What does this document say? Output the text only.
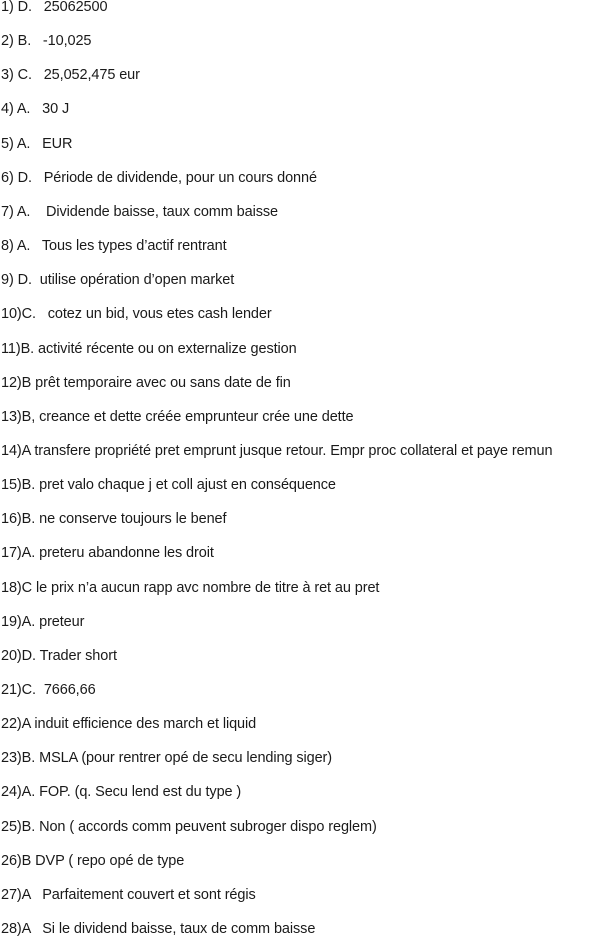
1) D.   25062500
2) B.   -10,025
3) C.   25,052,475 eur
4) A.   30 J
5) A.   EUR
6) D.   Période de dividende, pour un cours donné
7) A.    Dividende baisse, taux comm baisse
8) A.   Tous les types d’actif rentrant
9) D.  utilise opération d’open market
10)C.   cotez un bid, vous etes cash lender
11)B. activité récente ou on externalize gestion
12)B prêt temporaire avec ou sans date de fin
13)B, creance et dette créée emprunteur crée une dette
14)A transfere propriété pret emprunt jusque retour. Empr proc collateral et paye remun
15)B. pret valo chaque j et coll ajust en conséquence
16)B. ne conserve toujours le benef
17)A. preteru abandonne les droit
18)C le prix n’a aucun rapp avc nombre de titre à ret au pret
19)A. preteur
20)D. Trader short
21)C.  7666,66
22)A induit efficience des march et liquid
23)B. MSLA (pour rentrer opé de secu lending siger)
24)A. FOP. (q. Secu lend est du type )
25)B. Non ( accords comm peuvent subroger dispo reglem)
26)B DVP ( repo opé de type
27)A   Parfaitement couvert et sont régis
28)A   Si le dividend baisse, taux de comm baisse
